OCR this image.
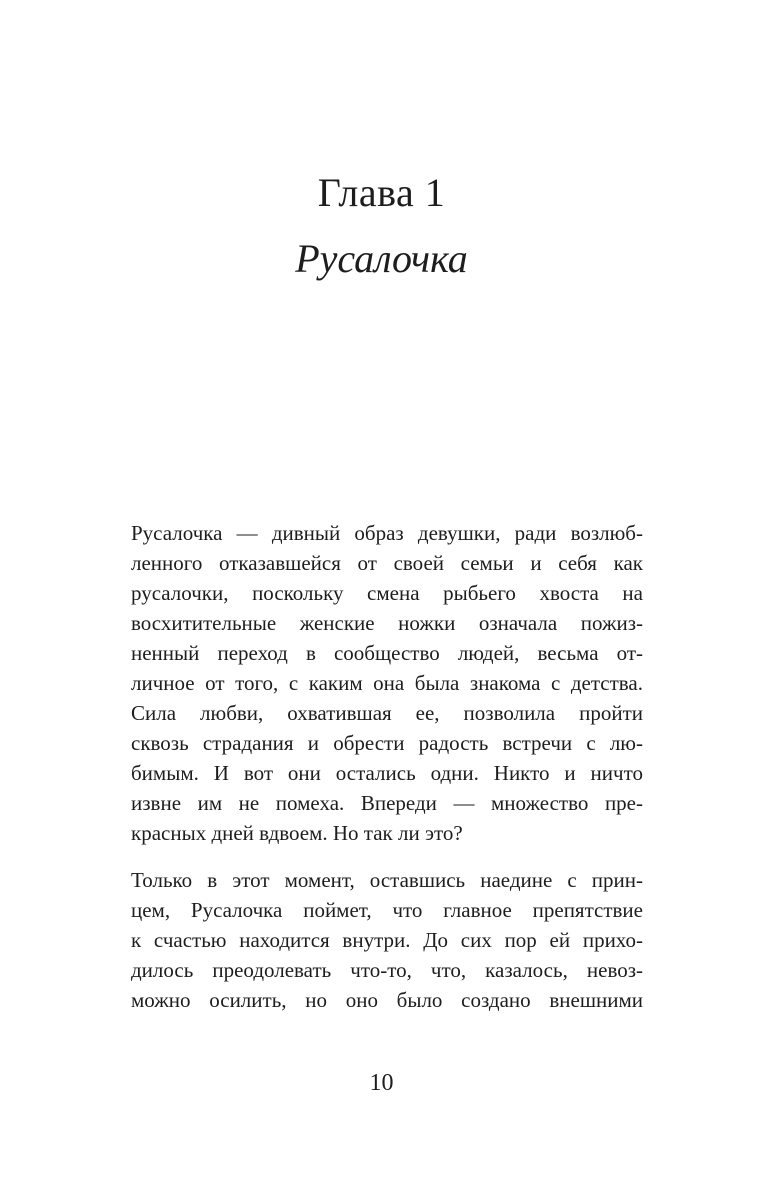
Глава 1
Русалочка

Русалочка — дивный образ девушки, ради возлюб-
ленного отказавшейся от своей семьи и себя как
русалочки, поскольку смена рыбьего хвоста на
восхитительные женские ножки означала пожиз-
ненный переход в сообщество людей, весьма от-
личное от того, с каким она была знакома с детства.
Сила любви, охватившая ее, позволила пройти
сквозь страдания и обрести радость встречи с лю-
бимым. И вот они остались одни. Никто и ничто
извне им не помеха. Впереди — множество пре-
красных дней вдвоем. Но так ли это?

Только в этот момент, оставшись наедине с прин-
цем, Русалочка поймет, что главное препятствие
к счастью находится внутри. До сих пор ей прихо-
дилось преодолевать что-то, что, казалось, невоз-
можно осилить, но оно было создано внешними

10
